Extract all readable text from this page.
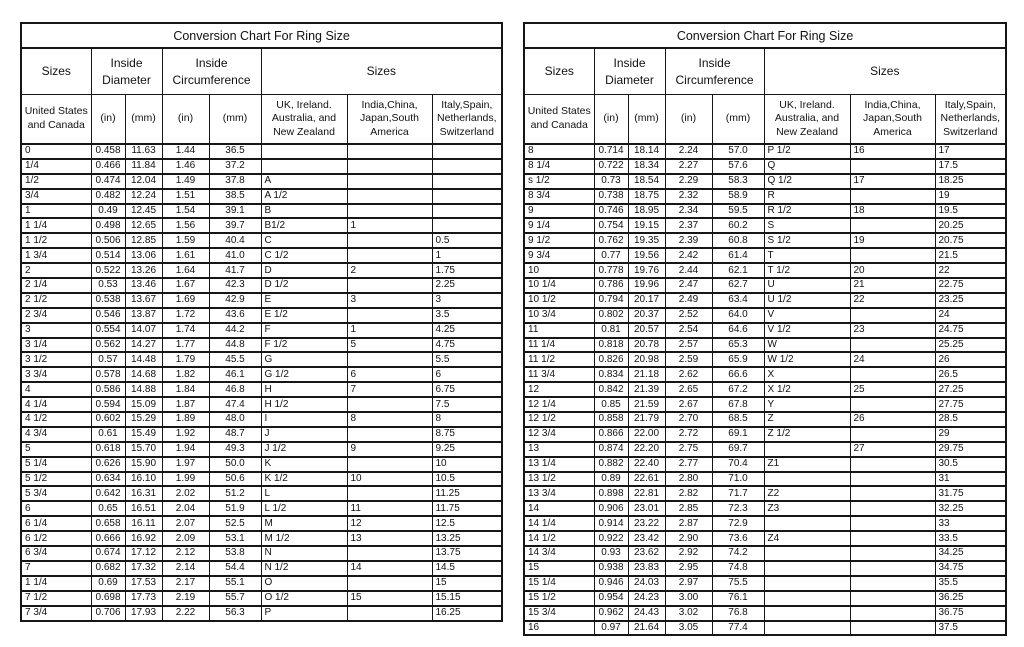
Conversion Chart For Ring Size							
Sizes	Inside Diameter		Inside Circumference		Sizes		
United States and Canada	(in)	(mm)	(in)	(mm)	UK, Ireland. Australia, and New Zealand	India,China, Japan,South America	Italy,Spain, Netherlands, Switzerland
0	0.458	11.63	1.44	36.5			
1/4	0.466	11.84	1.46	37.2			
1/2	0.474	12.04	1.49	37.8	A		
3/4	0.482	12.24	1.51	38.5	A 1/2		
1	0.49	12.45	1.54	39.1	B		
1 1/4	0.498	12.65	1.56	39.7	B1/2	1	
1 1/2	0.506	12.85	1.59	40.4	C		0.5
1 3/4	0.514	13.06	1.61	41.0	C 1/2		1
2	0.522	13.26	1.64	41.7	D	2	1.75
2 1/4	0.53	13.46	1.67	42.3	D 1/2		2.25
2 1/2	0.538	13.67	1.69	42.9	E	3	3
2 3/4	0.546	13.87	1.72	43.6	E 1/2		3.5
3	0.554	14.07	1.74	44.2	F	1	4.25
3 1/4	0.562	14.27	1.77	44.8	F 1/2	5	4.75
3 1/2	0.57	14.48	1.79	45.5	G		5.5
3 3/4	0.578	14.68	1.82	46.1	G 1/2	6	6
4	0.586	14.88	1.84	46.8	H	7	6.75
4 1/4	0.594	15.09	1.87	47.4	H 1/2		7.5
4 1/2	0.602	15.29	1.89	48.0	I	8	8
4 3/4	0.61	15.49	1.92	48.7	J		8.75
5	0.618	15.70	1.94	49.3	J 1/2	9	9.25
5 1/4	0.626	15.90	1.97	50.0	K		10
5 1/2	0.634	16.10	1.99	50.6	K 1/2	10	10.5
5 3/4	0.642	16.31	2.02	51.2	L		11.25
6	0.65	16.51	2.04	51.9	L 1/2	11	11.75
6 1/4	0.658	16.11	2.07	52.5	M	12	12.5
6 1/2	0.666	16.92	2.09	53.1	M 1/2	13	13.25
6 3/4	0.674	17.12	2.12	53.8	N		13.75
7	0.682	17.32	2.14	54.4	N 1/2	14	14.5
1 1/4	0.69	17.53	2.17	55.1	O		15
7 1/2	0.698	17.73	2.19	55.7	O 1/2	15	15.15
7 3/4	0.706	17.93	2.22	56.3	P		16.25
Conversion Chart For Ring Size							
Sizes	Inside Diameter		Inside Circumference		Sizes		
United States and Canada	(in)	(mm)	(in)	(mm)	UK, Ireland. Australia, and New Zealand	India,China, Japan,South America	Italy,Spain, Netherlands, Switzerland
8	0.714	18.14	2.24	57.0	P 1/2	16	17
8 1/4	0.722	18.34	2.27	57.6	Q		17.5
s 1/2	0.73	18.54	2.29	58.3	Q 1/2	17	18.25
8 3/4	0.738	18.75	2.32	58.9	R		19
9	0.746	18.95	2.34	59.5	R 1/2	18	19.5
9 1/4	0.754	19.15	2.37	60.2	S		20.25
9 1/2	0.762	19.35	2.39	60.8	S 1/2	19	20.75
9 3/4	0.77	19.56	2.42	61.4	T		21.5
10	0.778	19.76	2.44	62.1	T 1/2	20	22
10 1/4	0.786	19.96	2.47	62.7	U	21	22.75
10 1/2	0.794	20.17	2.49	63.4	U 1/2	22	23.25
10 3/4	0.802	20.37	2.52	64.0	V		24
11	0.81	20.57	2.54	64.6	V 1/2	23	24.75
11 1/4	0.818	20.78	2.57	65.3	W		25.25
11 1/2	0.826	20.98	2.59	65.9	W 1/2	24	26
11 3/4	0.834	21.18	2.62	66.6	X		26.5
12	0.842	21.39	2.65	67.2	X 1/2	25	27.25
12 1/4	0.85	21.59	2.67	67.8	Y		27.75
12 1/2	0.858	21.79	2.70	68.5	Z	26	28.5
12 3/4	0.866	22.00	2.72	69.1	Z 1/2		29
13	0.874	22.20	2.75	69.7		27	29.75
13 1/4	0.882	22.40	2.77	70.4	Z1		30.5
13 1/2	0.89	22.61	2.80	71.0			31
13 3/4	0.898	22.81	2.82	71.7	Z2		31.75
14	0.906	23.01	2.85	72.3	Z3		32.25
14 1/4	0.914	23.22	2.87	72.9			33
14 1/2	0.922	23.42	2.90	73.6	Z4		33.5
14 3/4	0.93	23.62	2.92	74.2			34.25
15	0.938	23.83	2.95	74.8			34.75
15 1/4	0.946	24.03	2.97	75.5			35.5
15 1/2	0.954	24.23	3.00	76.1			36.25
15 3/4	0.962	24.43	3.02	76.8			36.75
16	0.97	21.64	3.05	77.4			37.5
